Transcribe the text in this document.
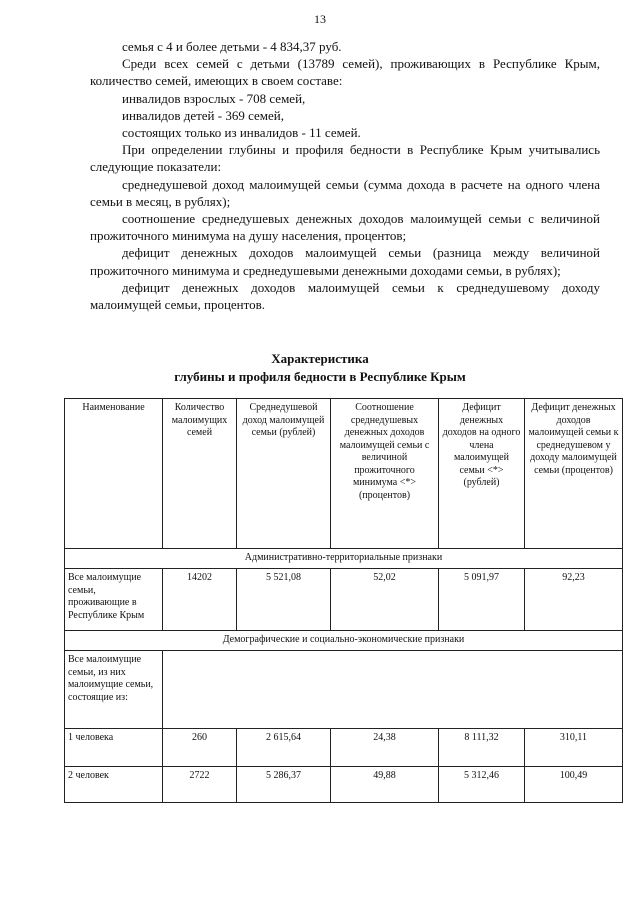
13

семья с 4 и более детьми - 4 834,37 руб.

Среди всех семей с детьми (13789 семей), проживающих в Республике Крым, количество семей, имеющих в своем составе:

инвалидов взрослых - 708 семей,

инвалидов детей - 369 семей,

состоящих только из инвалидов - 11 семей.

При определении глубины и профиля бедности в Республике Крым учитывались следующие показатели:

среднедушевой доход малоимущей семьи (сумма дохода в расчете на одного члена семьи в месяц, в рублях);

соотношение среднедушевых денежных доходов малоимущей семьи с величиной прожиточного минимума на душу населения, процентов;

дефицит денежных доходов малоимущей семьи (разница между величиной прожиточного минимума и среднедушевыми денежными доходами семьи, в рублях);

дефицит денежных доходов малоимущей семьи к среднедушевому доходу малоимущей семьи, процентов.

Характеристика
глубины и профиля бедности в Республике Крым
Наименование	Количество малоимущих семей	Среднедушевой доход малоимущей семьи (рублей)	Соотношение среднедушевых денежных доходов малоимущей семьи с величиной прожиточного минимума <*> (процентов)	Дефицит денежных доходов на одного члена малоимущей семьи <*> (рублей)	Дефицит денежных доходов малоимущей семьи к среднедушевом у доходу малоимущей семьи (процентов)
Административно-территориальные признаки					
Все малоимущие семьи, проживающие в Республике Крым	14202	5 521,08	52,02	5 091,97	92,23
Демографические и социально-экономические признаки					
Все малоимущие семьи, из них малоимущие семьи, состоящие из:					
1 человека	260	2 615,64	24,38	8 111,32	310,11
2 человек	2722	5 286,37	49,88	5 312,46	100,49
